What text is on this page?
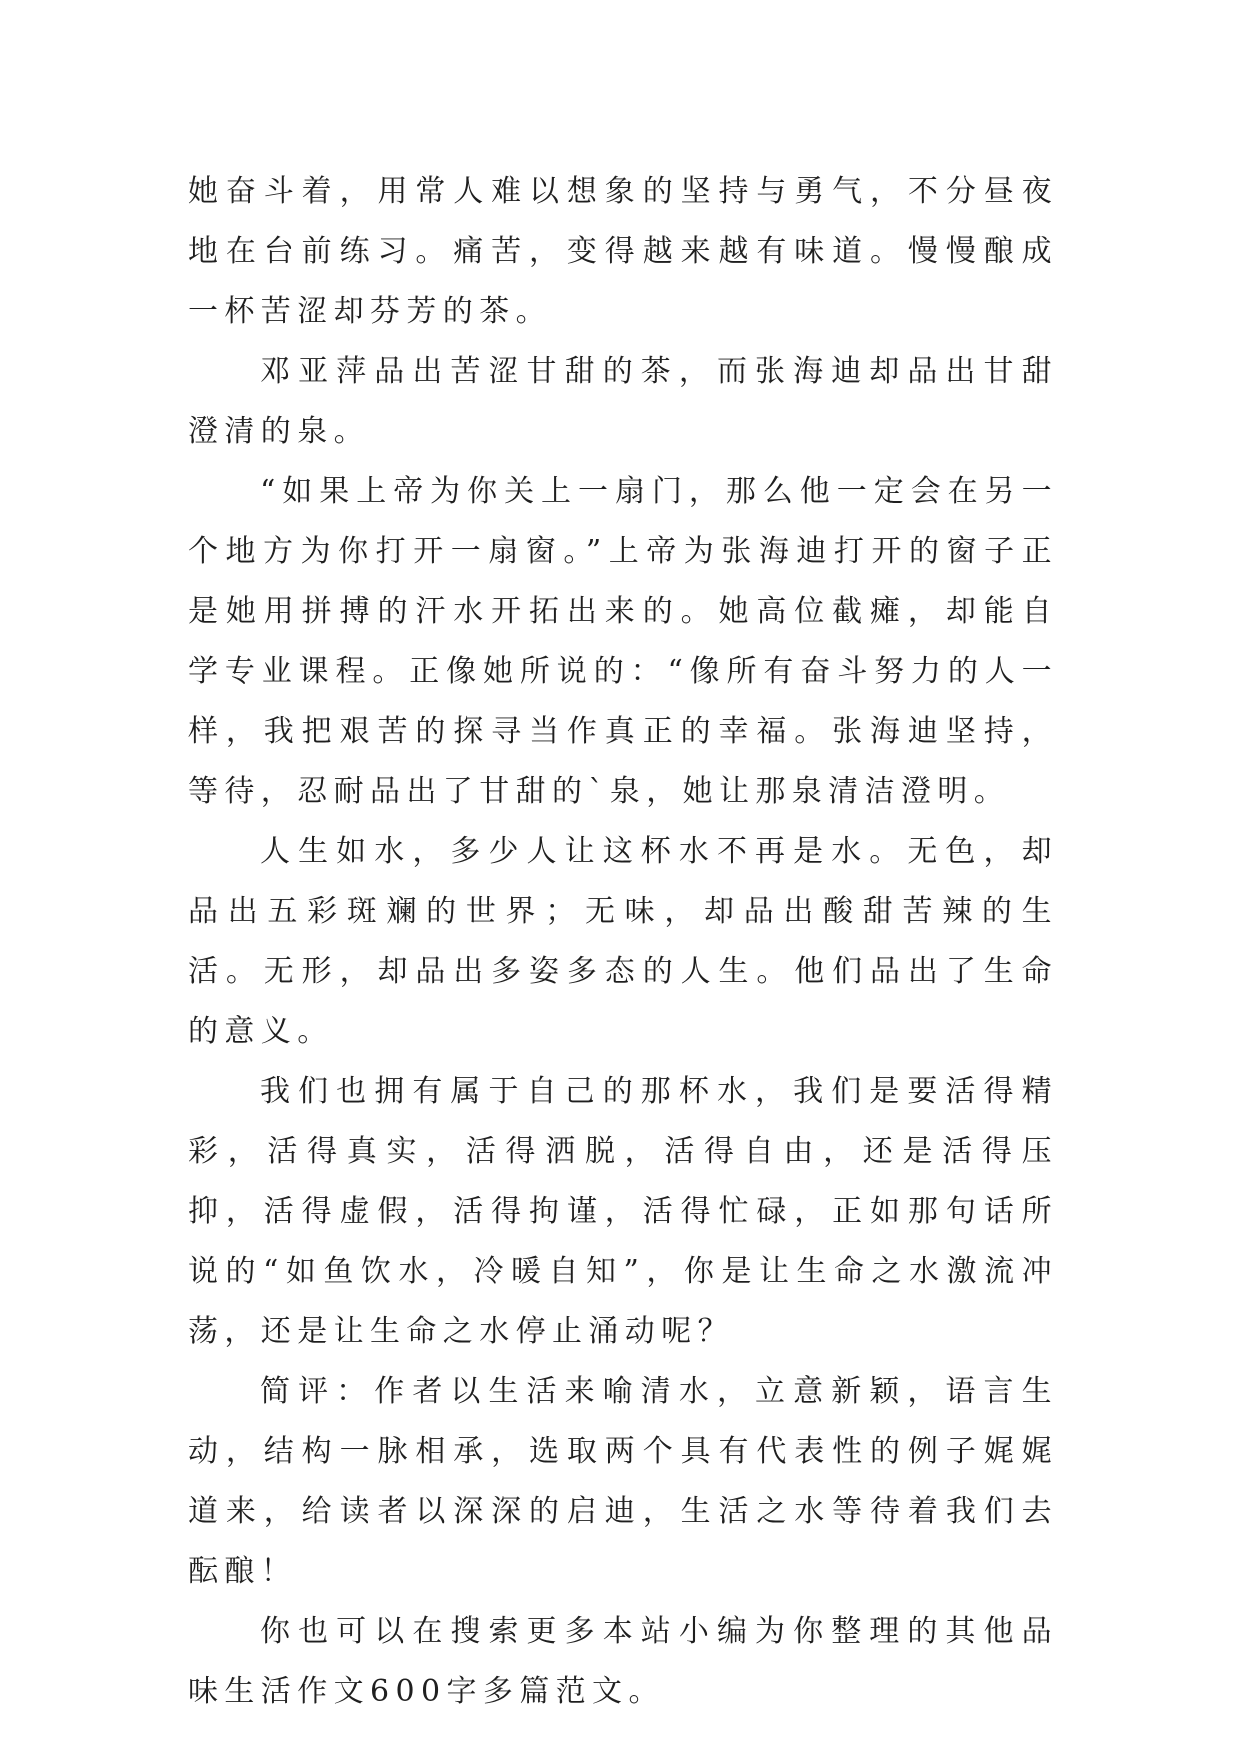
她奋斗着，用常人难以想象的坚持与勇气，不分昼夜地在台前练习。痛苦，变得越来越有味道。慢慢酿成一杯苦涩却芬芳的茶。

邓亚萍品出苦涩甘甜的茶，而张海迪却品出甘甜澄清的泉。

“如果上帝为你关上一扇门，那么他一定会在另一个地方为你打开一扇窗。”上帝为张海迪打开的窗子正是她用拼搏的汗水开拓出来的。她高位截瘫，却能自学专业课程。正像她所说的：“像所有奋斗努力的人一样，我把艰苦的探寻当作真正的幸福。张海迪坚持，等待，忍耐品出了甘甜的`泉，她让那泉清洁澄明。

人生如水，多少人让这杯水不再是水。无色，却品出五彩斑斓的世界；无味，却品出酸甜苦辣的生活。无形，却品出多姿多态的人生。他们品出了生命的意义。

我们也拥有属于自己的那杯水，我们是要活得精彩，活得真实，活得洒脱，活得自由，还是活得压抑，活得虚假，活得拘谨，活得忙碌，正如那句话所说的“如鱼饮水，冷暖自知”，你是让生命之水激流冲荡，还是让生命之水停止涌动呢？

简评：作者以生活来喻清水，立意新颖，语言生动，结构一脉相承，选取两个具有代表性的例子娓娓道来，给读者以深深的启迪，生活之水等待着我们去酝酿！

你也可以在搜索更多本站小编为你整理的其他品味生活作文600字多篇范文。
